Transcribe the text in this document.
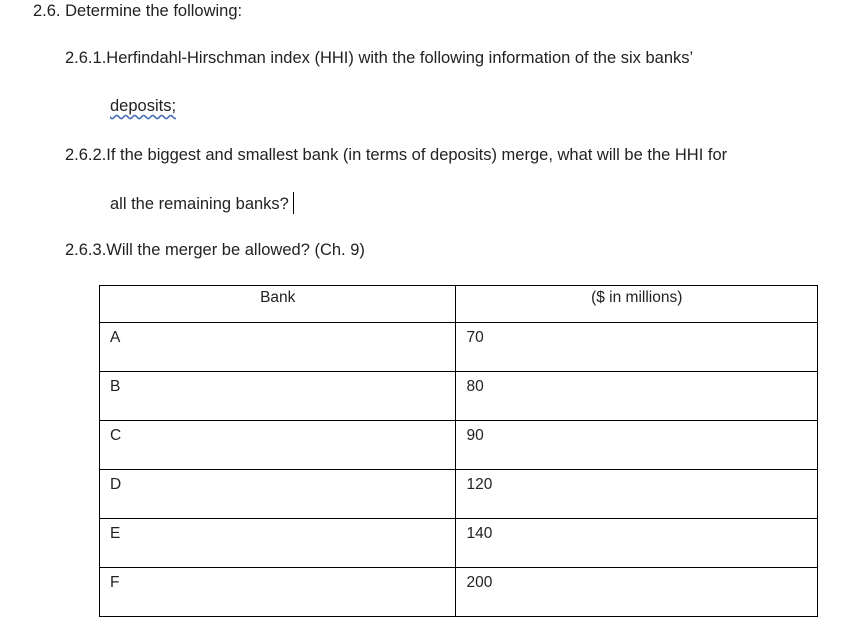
2.6. Determine the following:
2.6.1.Herfindahl-Hirschman index (HHI) with the following information of the six banks’
deposits;
2.6.2.If the biggest and smallest bank (in terms of deposits) merge, what will be the HHI for
all the remaining banks?
2.6.3.Will the merger be allowed? (Ch. 9)
Bank	($ in millions)

A	70

B	80

C	90

D	120

E	140

F	200
